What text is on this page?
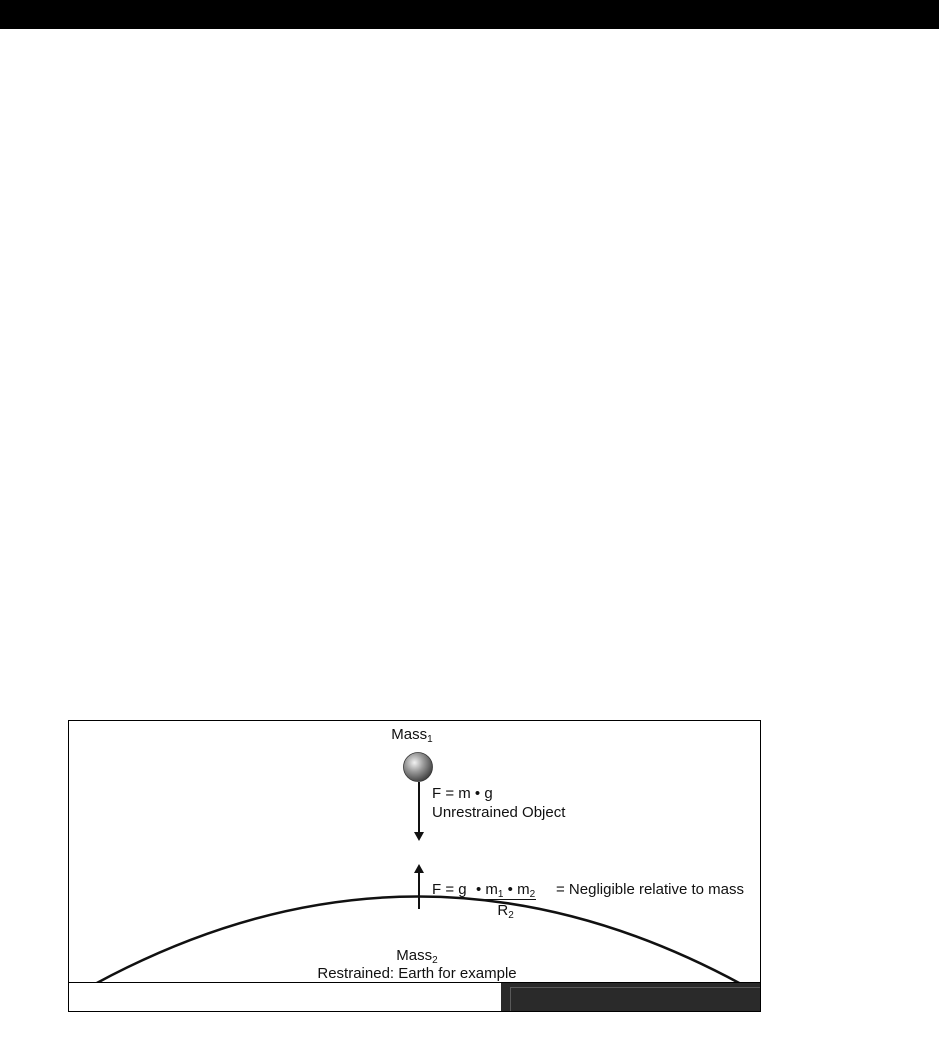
Mass$_1$
F = m • g
Unrestrained Object
F = g $\frac{• m_1 • m_2}{R_2}$ = Negligible relative to mass
Mass$_2$
Restrained: Earth for example
